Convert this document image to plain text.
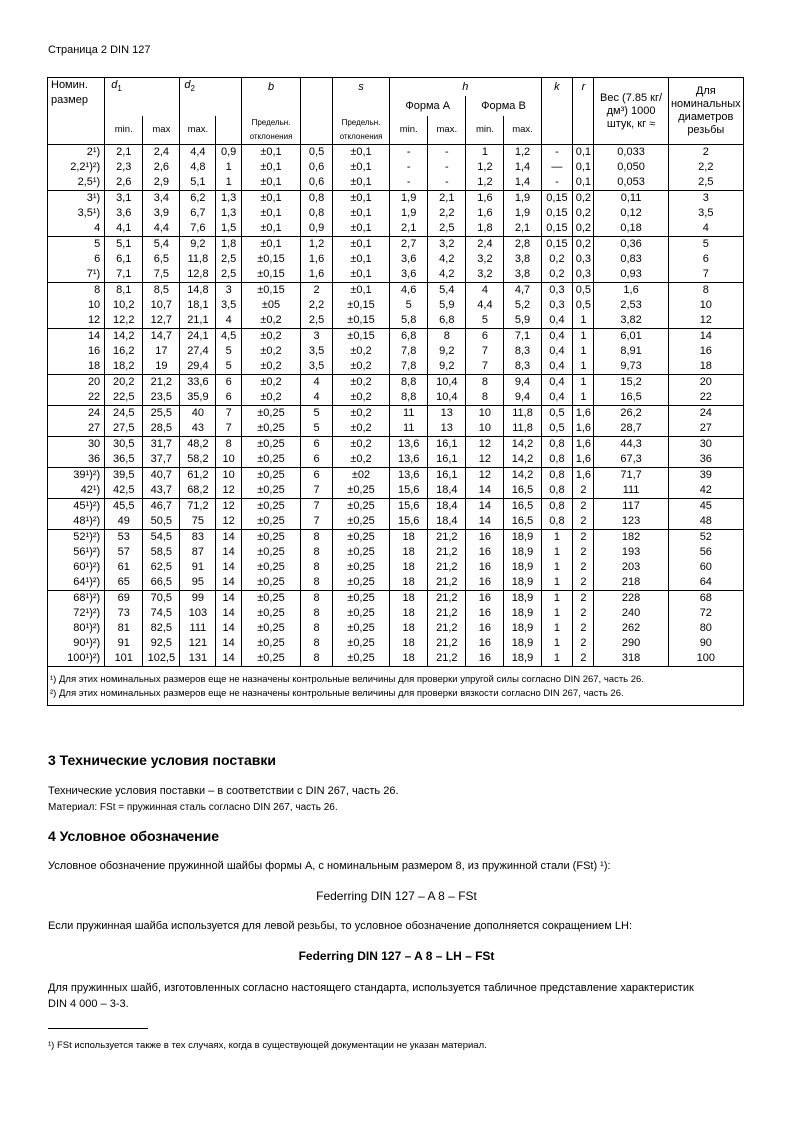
Страница 2 DIN 127
Номин. размер	$d_1$		$d_2$		b		s	h				k	r	Вес (7.85 кг/дм³) 1000 штук, кг ≈	Для номинальных диаметров резьбы
								Форма A		Форма B					
	min.	max	max.		Предельн. отклонения		Предельн. отклонения	min.	max.	min.	max.				
2¹)	2,1	2,4	4,4	0,9	±0,1	0,5	±0,1	-	-	1	1,2	-	0,1	0,033	2
2,2¹)²)	2,3	2,6	4,8	1	±0,1	0,6	±0,1	-	-	1,2	1,4	—	0,1	0,050	2,2
2,5¹)	2,6	2,9	5,1	1	±0,1	0,6	±0,1	-	-	1,2	1,4	-	0,1	0,053	2,5
3¹)	3,1	3,4	6,2	1,3	±0,1	0,8	±0,1	1,9	2,1	1,6	1,9	0,15	0,2	0,11	3
3,5¹)	3,6	3,9	6,7	1,3	±0,1	0,8	±0,1	1,9	2,2	1,6	1,9	0,15	0,2	0,12	3,5
4	4,1	4,4	7,6	1,5	±0,1	0,9	±0,1	2,1	2,5	1,8	2,1	0,15	0,2	0,18	4
5	5,1	5,4	9,2	1,8	±0,1	1,2	±0,1	2,7	3,2	2,4	2,8	0,15	0,2	0,36	5
6	6,1	6,5	11,8	2,5	±0,15	1,6	±0,1	3,6	4,2	3,2	3,8	0,2	0,3	0,83	6
7¹)	7,1	7,5	12,8	2,5	±0,15	1,6	±0,1	3,6	4,2	3,2	3,8	0,2	0,3	0,93	7
8	8,1	8,5	14,8	3	±0,15	2	±0,1	4,6	5,4	4	4,7	0,3	0,5	1,6	8
10	10,2	10,7	18,1	3,5	±05	2,2	±0,15	5	5,9	4,4	5,2	0,3	0,5	2,53	10
12	12,2	12,7	21,1	4	±0,2	2,5	±0,15	5,8	6,8	5	5,9	0,4	1	3,82	12
14	14,2	14,7	24,1	4,5	±0,2	3	±0,15	6,8	8	6	7,1	0,4	1	6,01	14
16	16,2	17	27,4	5	±0,2	3,5	±0,2	7,8	9,2	7	8,3	0,4	1	8,91	16
18	18,2	19	29,4	5	±0,2	3,5	±0,2	7,8	9,2	7	8,3	0,4	1	9,73	18
20	20,2	21,2	33,6	6	±0,2	4	±0,2	8,8	10,4	8	9,4	0,4	1	15,2	20
22	22,5	23,5	35,9	6	±0,2	4	±0,2	8,8	10,4	8	9,4	0,4	1	16,5	22
24	24,5	25,5	40	7	±0,25	5	±0,2	11	13	10	11,8	0,5	1,6	26,2	24
27	27,5	28,5	43	7	±0,25	5	±0,2	11	13	10	11,8	0,5	1,6	28,7	27
30	30,5	31,7	48,2	8	±0,25	6	±0,2	13,6	16,1	12	14,2	0,8	1,6	44,3	30
36	36,5	37,7	58,2	10	±0,25	6	±0,2	13,6	16,1	12	14,2	0,8	1,6	67,3	36
39¹)²)	39,5	40,7	61,2	10	±0,25	6	±02	13,6	16,1	12	14,2	0,8	1,6	71,7	39
42¹)	42,5	43,7	68,2	12	±0,25	7	±0,25	15,6	18,4	14	16,5	0,8	2	111	42
45¹)²)	45,5	46,7	71,2	12	±0,25	7	±0,25	15,6	18,4	14	16,5	0,8	2	117	45
48¹)²)	49	50,5	75	12	±0,25	7	±0,25	15,6	18,4	14	16,5	0,8	2	123	48
52¹)²)	53	54,5	83	14	±0,25	8	±0,25	18	21,2	16	18,9	1	2	182	52
56¹)²)	57	58,5	87	14	±0,25	8	±0,25	18	21,2	16	18,9	1	2	193	56
60¹)²)	61	62,5	91	14	±0,25	8	±0,25	18	21,2	16	18,9	1	2	203	60
64¹)²)	65	66,5	95	14	±0,25	8	±0,25	18	21,2	16	18,9	1	2	218	64
68¹)²)	69	70,5	99	14	±0,25	8	±0,25	18	21,2	16	18,9	1	2	228	68
72¹)²)	73	74,5	103	14	±0,25	8	±0,25	18	21,2	16	18,9	1	2	240	72
80¹)²)	81	82,5	111	14	±0,25	8	±0,25	18	21,2	16	18,9	1	2	262	80
90¹)²)	91	92,5	121	14	±0,25	8	±0,25	18	21,2	16	18,9	1	2	290	90
100¹)²)	101	102,5	131	14	±0,25	8	±0,25	18	21,2	16	18,9	1	2	318	100

¹) Для этих номинальных размеров еще не назначены контрольные величины для проверки упругой силы согласно DIN 267, часть 26.
²) Для этих номинальных размеров еще не назначены контрольные величины для проверки вязкости согласно DIN 267, часть 26.															
3 Технические условия поставки
Технические условия поставки – в соответствии с DIN 267, часть 26.
Материал: FSt = пружинная сталь согласно DIN 267, часть 26.
4 Условное обозначение
Условное обозначение пружинной шайбы формы А, с номинальным размером 8, из пружинной стали (FSt) ¹):
Federring DIN 127 – A 8 – FSt
Если пружинная шайба используется для левой резьбы, то условное обозначение дополняется сокращением LH:
Federring DIN 127 – A 8 – LH – FSt
Для пружинных шайб, изготовленных согласно настоящего стандарта, используется табличное представление характеристик DIN 4 000 – 3-3.
¹) FSt используется также в тех случаях, когда в существующей документации не указан материал.
